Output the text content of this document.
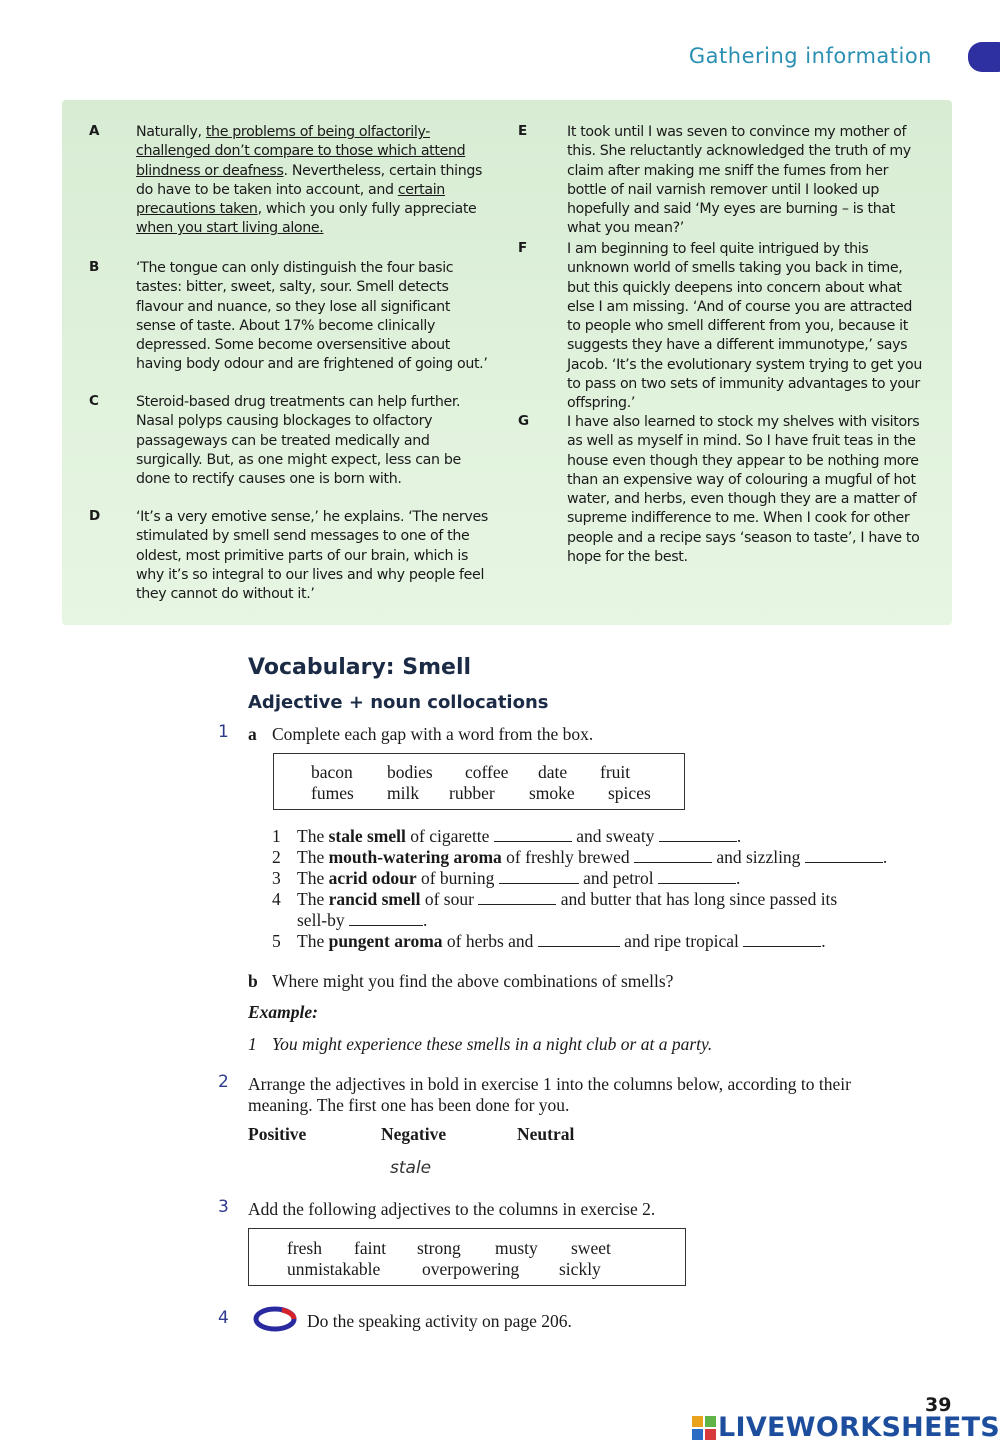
Gathering information
A	Naturally, the problems of being olfactorily-challenged don’t compare to those which attend blindness or deafness. Nevertheless, certain things do have to be taken into account, and certain precautions taken, which you only fully appreciate when you start living alone.
B	‘The tongue can only distinguish the four basic tastes: bitter, sweet, salty, sour. Smell detects flavour and nuance, so they lose all significant sense of taste. About 17% become clinically depressed. Some become oversensitive about having body odour and are frightened of going out.’
C	Steroid-based drug treatments can help further. Nasal polyps causing blockages to olfactory passageways can be treated medically and surgically. But, as one might expect, less can be done to rectify causes one is born with.
D	‘It’s a very emotive sense,’ he explains. ‘The nerves stimulated by smell send messages to one of the oldest, most primitive parts of our brain, which is why it’s so integral to our lives and why people feel they cannot do without it.’
E	It took until I was seven to convince my mother of this. She reluctantly acknowledged the truth of my claim after making me sniff the fumes from her bottle of nail varnish remover until I looked up hopefully and said ‘My eyes are burning – is that what you mean?’
F	I am beginning to feel quite intrigued by this unknown world of smells taking you back in time, but this quickly deepens into concern about what else I am missing. ‘And of course you are attracted to people who smell different from you, because it suggests they have a different immunotype,’ says Jacob. ‘It’s the evolutionary system trying to get you to pass on two sets of immunity advantages to your offspring.’
G	I have also learned to stock my shelves with visitors as well as myself in mind. So I have fruit teas in the house even though they appear to be nothing more than an expensive way of colouring a mugful of hot water, and herbs, even though they are a matter of supreme indifference to me. When I cook for other people and a recipe says ‘season to taste’, I have to hope for the best.
Vocabulary: Smell
Adjective + noun collocations
1 a Complete each gap with a word from the box.
bacon bodies coffee date fruit
fumes milk rubber smoke spices
1 The stale smell of cigarette	and sweaty	.
2 The mouth-watering aroma of freshly brewed	and sizzling	.
3 The acrid odour of burning	and petrol	.
4 The rancid smell of sour	and butter that has long since passed its
sell-by	.
5 The pungent aroma of herbs and	and ripe tropical	.
b Where might you find the above combinations of smells?
Example:
1 You might experience these smells in a night club or at a party.
2 Arrange the adjectives in bold in exercise 1 into the columns below, according to their
meaning. The first one has been done for you.
Positive	Negative	Neutral
stale
3 Add the following adjectives to the columns in exercise 2.
fresh faint strong musty sweet
unmistakable overpowering sickly
4	Do the speaking activity on page 206.
39
LIVEWORKSHEETS
